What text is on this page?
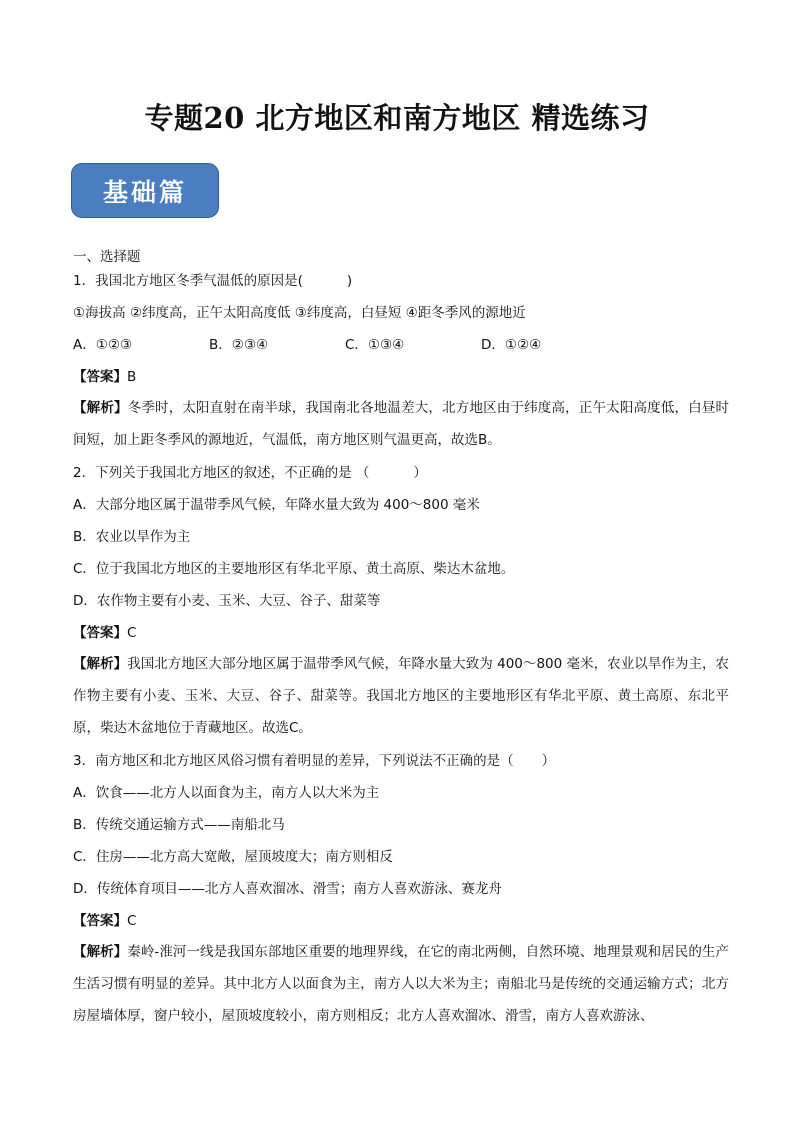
专题20 北方地区和南方地区 精选练习
基础篇
一、选择题
1．我国北方地区冬季气温低的原因是(	)
①海拔高 ②纬度高，正午太阳高度低 ③纬度高，白昼短 ④距冬季风的源地近
A．①②③	B．②③④	C．①③④	D．①②④
【答案】B
【解析】冬季时，太阳直射在南半球，我国南北各地温差大，北方地区由于纬度高，正午太阳高度低，白昼时间短，加上距冬季风的源地近，气温低，南方地区则气温更高，故选B。
2．下列关于我国北方地区的叙述，不正确的是 （	）
A．大部分地区属于温带季风气候，年降水量大致为 400～800 毫米
B．农业以旱作为主
C．位于我国北方地区的主要地形区有华北平原、黄土高原、柴达木盆地。
D．农作物主要有小麦、玉米、大豆、谷子、甜菜等
【答案】C
【解析】我国北方地区大部分地区属于温带季风气候，年降水量大致为 400～800 毫米，农业以旱作为主，农作物主要有小麦、玉米、大豆、谷子、甜菜等。我国北方地区的主要地形区有华北平原、黄土高原、东北平原，柴达木盆地位于青藏地区。故选C。
3．南方地区和北方地区风俗习惯有着明显的差异，下列说法不正确的是（ ）
A．饮食——北方人以面食为主，南方人以大米为主
B．传统交通运输方式——南船北马
C．住房——北方高大宽敞，屋顶坡度大；南方则相反
D．传统体育项目——北方人喜欢溜冰、滑雪；南方人喜欢游泳、赛龙舟
【答案】C
【解析】秦岭-淮河一线是我国东部地区重要的地理界线，在它的南北两侧，自然环境、地理景观和居民的生产生活习惯有明显的差异。其中北方人以面食为主，南方人以大米为主；南船北马是传统的交通运输方式；北方房屋墙体厚，窗户较小，屋顶坡度较小，南方则相反；北方人喜欢溜冰、滑雪，南方人喜欢游泳、
